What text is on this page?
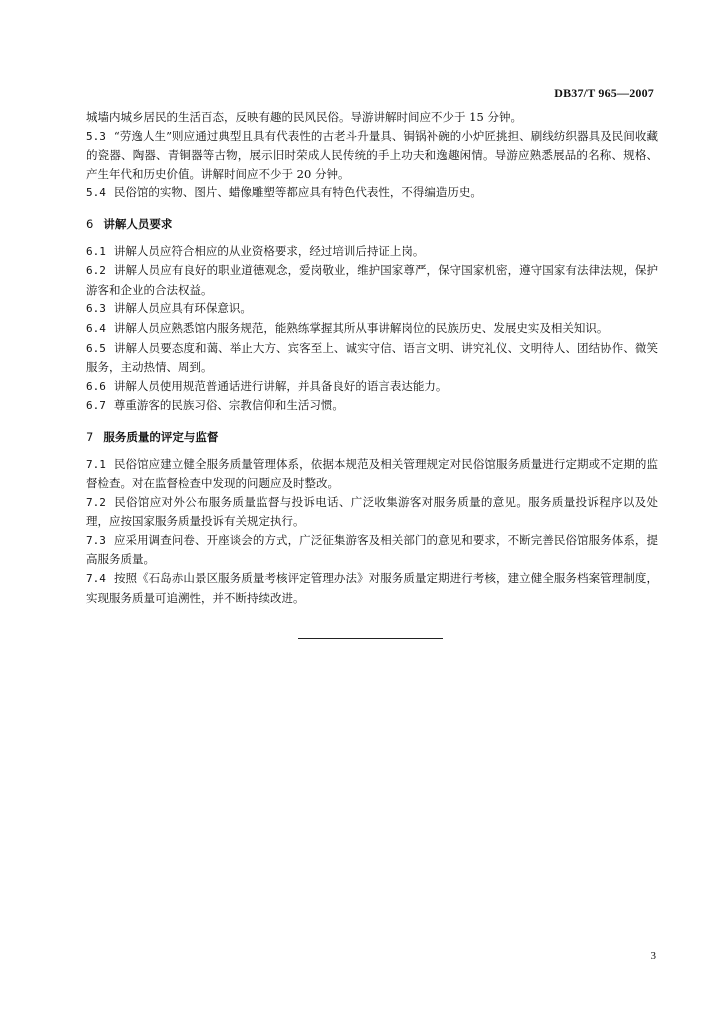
DB37/T 965—2007

城墙内城乡居民的生活百态，反映有趣的民风民俗。导游讲解时间应不少于 15 分钟。

5.3 “劳逸人生”则应通过典型且具有代表性的古老斗升量具、锔锅补碗的小炉匠挑担、刷线纺织器具及民间收藏的瓷器、陶器、青铜器等古物，展示旧时荣成人民传统的手上功夫和逸趣闲情。导游应熟悉展品的名称、规格、产生年代和历史价值。讲解时间应不少于 20 分钟。

5.4 民俗馆的实物、图片、蜡像雕塑等都应具有特色代表性，不得编造历史。

6 讲解人员要求

6.1 讲解人员应符合相应的从业资格要求，经过培训后持证上岗。

6.2 讲解人员应有良好的职业道德观念，爱岗敬业，维护国家尊严，保守国家机密，遵守国家有法律法规，保护游客和企业的合法权益。

6.3 讲解人员应具有环保意识。

6.4 讲解人员应熟悉馆内服务规范，能熟练掌握其所从事讲解岗位的民族历史、发展史实及相关知识。

6.5 讲解人员要态度和蔼、举止大方、宾客至上、诚实守信、语言文明、讲究礼仪、文明待人、团结协作、微笑服务，主动热情、周到。

6.6 讲解人员使用规范普通话进行讲解，并具备良好的语言表达能力。

6.7 尊重游客的民族习俗、宗教信仰和生活习惯。

7 服务质量的评定与监督

7.1 民俗馆应建立健全服务质量管理体系，依据本规范及相关管理规定对民俗馆服务质量进行定期或不定期的监督检查。对在监督检查中发现的问题应及时整改。

7.2 民俗馆应对外公布服务质量监督与投诉电话、广泛收集游客对服务质量的意见。服务质量投诉程序以及处理，应按国家服务质量投诉有关规定执行。

7.3 应采用调查问卷、开座谈会的方式，广泛征集游客及相关部门的意见和要求，不断完善民俗馆服务体系，提高服务质量。

7.4 按照《石岛赤山景区服务质量考核评定管理办法》对服务质量定期进行考核，建立健全服务档案管理制度，实现服务质量可追溯性，并不断持续改进。

3
